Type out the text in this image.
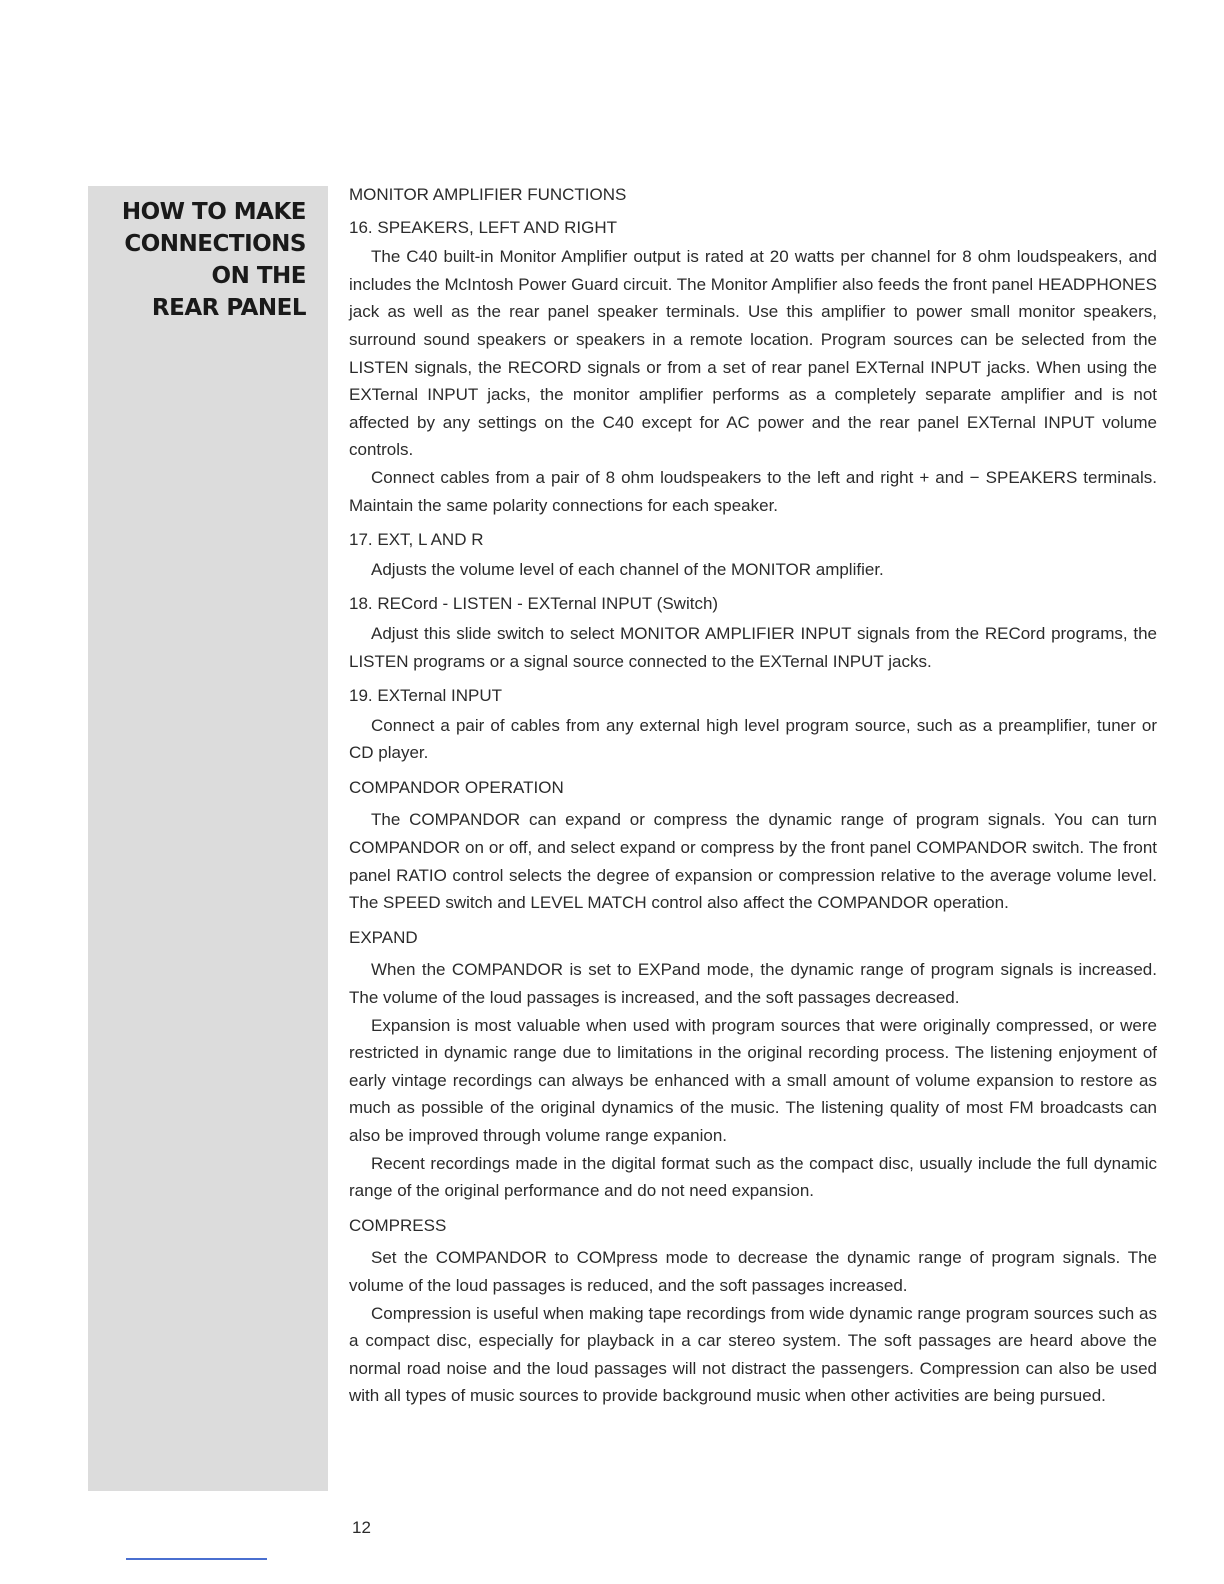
HOW TO MAKE
CONNECTIONS
ON THE
REAR PANEL
MONITOR AMPLIFIER FUNCTIONS
16. SPEAKERS, LEFT AND RIGHT

The C40 built-in Monitor Amplifier output is rated at 20 watts per channel for 8 ohm loudspeakers, and includes the McIntosh Power Guard circuit. The Monitor Amplifier also feeds the front panel HEADPHONES jack as well as the rear panel speaker terminals. Use this amplifier to power small monitor speakers, surround sound speakers or speakers in a remote location. Program sources can be selected from the LISTEN signals, the RECORD signals or from a set of rear panel EXTernal INPUT jacks. When using the EXTernal INPUT jacks, the monitor amplifier performs as a completely separate amplifier and is not affected by any settings on the C40 except for AC power and the rear panel EXTernal INPUT volume controls.

Connect cables from a pair of 8 ohm loudspeakers to the left and right + and − SPEAKERS terminals. Maintain the same polarity connections for each speaker.

17. EXT, L AND R

Adjusts the volume level of each channel of the MONITOR amplifier.

18. RECord - LISTEN - EXTernal INPUT (Switch)

Adjust this slide switch to select MONITOR AMPLIFIER INPUT signals from the RECord programs, the LISTEN programs or a signal source connected to the EXTernal INPUT jacks.

19. EXTernal INPUT

Connect a pair of cables from any external high level program source, such as a preamplifier, tuner or CD player.

COMPANDOR OPERATION

The COMPANDOR can expand or compress the dynamic range of program signals. You can turn COMPANDOR on or off, and select expand or compress by the front panel COMPANDOR switch. The front panel RATIO control selects the degree of expansion or compression relative to the average volume level. The SPEED switch and LEVEL MATCH control also affect the COMPANDOR operation.

EXPAND

When the COMPANDOR is set to EXPand mode, the dynamic range of program signals is increased. The volume of the loud passages is increased, and the soft passages decreased.

Expansion is most valuable when used with program sources that were originally compressed, or were restricted in dynamic range due to limitations in the original recording process. The listening enjoyment of early vintage recordings can always be enhanced with a small amount of volume expansion to restore as much as possible of the original dynamics of the music. The listening quality of most FM broadcasts can also be improved through volume range expanion.

Recent recordings made in the digital format such as the compact disc, usually include the full dynamic range of the original performance and do not need expansion.

COMPRESS

Set the COMPANDOR to COMpress mode to decrease the dynamic range of program signals. The volume of the loud passages is reduced, and the soft passages increased.

Compression is useful when making tape recordings from wide dynamic range program sources such as a compact disc, especially for playback in a car stereo system. The soft passages are heard above the normal road noise and the loud passages will not distract the passengers. Compression can also be used with all types of music sources to provide background music when other activities are being pursued.

12
